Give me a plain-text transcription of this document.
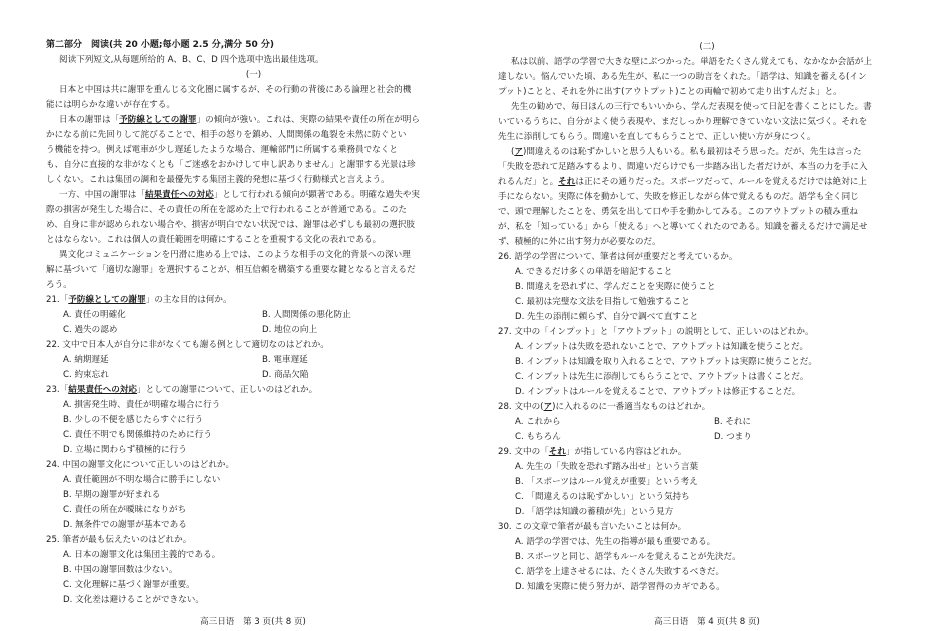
第二部分　阅读(共 20 小题;每小题 2.5 分,满分 50 分)
阅读下列短文,从每题所给的 A、B、C、D 四个选项中选出最佳选项。
(一)
日本と中国は共に謝罪を重んじる文化圏に属するが、その行動の背後にある論理と社会的機
能には明らかな違いが存在する。
日本の謝罪は「予防線としての謝罪」の傾向が強い。これは、実際の結果や責任の所在が明ら
かになる前に先回りして詫びることで、相手の怒りを鎮め、人間関係の亀裂を未然に防ぐとい
う機能を持つ。例えば電車が少し遅延したような場合、運輸部門に所属する乗務員でなくと
も、自分に直接的な非がなくとも「ご迷惑をおかけして申し訳ありません」と謝罪する光景は珍
しくない。これは集団の調和を最優先する集団主義的発想に基づく行動様式と言えよう。
一方、中国の謝罪は「結果責任への対応」として行われる傾向が顕著である。明確な過失や実
際の損害が発生した場合に、その責任の所在を認めた上で行われることが普通である。このた
め、自身に非が認められない場合や、損害が明白でない状況では、謝罪は必ずしも最初の選択肢
とはならない。これは個人の責任範囲を明確にすることを重視する文化の表れである。
異文化コミュニケーションを円滑に進める上では、このような相手の文化的背景への深い理
解に基づいて「適切な謝罪」を選択することが、相互信頼を構築する重要な鍵となると言えるだ
ろう。
21.「予防線としての謝罪」の主な目的は何か。
A. 責任の明確化	B. 人間関係の悪化防止
C. 過失の認め	D. 地位の向上
22. 文中で日本人が自分に非がなくても謝る例として適切なのはどれか。
A. 納期遅延	B. 電車遅延
C. 約束忘れ	D. 商品欠陥
23.「結果責任への対応」としての謝罪について、正しいのはどれか。
A. 損害発生時、責任が明確な場合に行う
B. 少しの不便を感じたらすぐに行う
C. 責任不明でも関係維持のために行う
D. 立場に関わらず積極的に行う
24. 中国の謝罪文化について正しいのはどれか。
A. 責任範囲が不明な場合に勝手にしない
B. 早期の謝罪が好まれる
C. 責任の所在が曖昧になりがち
D. 無条件での謝罪が基本である
25. 筆者が最も伝えたいのはどれか。
A. 日本の謝罪文化は集団主義的である。
B. 中国の謝罪回数は少ない。
C. 文化理解に基づく謝罪が重要。
D. 文化差は避けることができない。
高三日语　第 3 页(共 8 页)
(二)
私は以前、語学の学習で大きな壁にぶつかった。単語をたくさん覚えても、なかなか会話が上
達しない。悩んでいた頃、ある先生が、私に一つの助言をくれた。「語学は、知識を蓄える(イン
プット)ことと、それを外に出す(アウトプット)ことの両輪で初めて走り出すんだよ」と。
先生の勧めで、毎日ほんの三行でもいいから、学んだ表現を使って日記を書くことにした。書
いているうちに、自分がよく使う表現や、まだしっかり理解できていない文法に気づく。それを
先生に添削してもらう。間違いを直してもらうことで、正しい使い方が身につく。
(ア)間違えるのは恥ずかしいと思う人もいる。私も最初はそう思った。だが、先生は言った
「失敗を恐れて足踏みするより、間違いだらけでも一歩踏み出した者だけが、本当の力を手に入
れるんだ」と。それは正にその通りだった。スポーツだって、ルールを覚えるだけでは絶対に上
手にならない。実際に体を動かして、失敗を修正しながら体で覚えるものだ。語学も全く同じ
で、頭で理解したことを、勇気を出して口や手を動かしてみる。このアウトプットの積み重ね
が、私を「知っている」から「使える」へと導いてくれたのである。知識を蓄えるだけで満足せ
ず、積極的に外に出す努力が必要なのだ。
26. 語学の学習について、筆者は何が重要だと考えているか。
A. できるだけ多くの単語を暗記すること
B. 間違えを恐れずに、学んだことを実際に使うこと
C. 最初は完璧な文法を目指して勉強すること
D. 先生の添削に頼らず、自分で調べて直すこと
27. 文中の「インプット」と「アウトプット」の説明として、正しいのはどれか。
A. インプットは失敗を恐れないことで、アウトプットは知識を使うことだ。
B. インプットは知識を取り入れることで、アウトプットは実際に使うことだ。
C. インプットは先生に添削してもらうことで、アウトプットは書くことだ。
D. インプットはルールを覚えることで、アウトプットは修正することだ。
28. 文中の(ア)に入れるのに一番適当なものはどれか。
A. これから	B. それに
C. もちろん	D. つまり
29. 文中の「それ」が指している内容はどれか。
A. 先生の「失敗を恐れず踏み出せ」という言葉
B. 「スポーツはルール覚えが重要」という考え
C. 「間違えるのは恥ずかしい」という気持ち
D. 「語学は知識の蓄積が先」という見方
30. この文章で筆者が最も言いたいことは何か。
A. 語学の学習では、先生の指導が最も重要である。
B. スポーツと同じ、語学もルールを覚えることが先決だ。
C. 語学を上達させるには、たくさん失敗するべきだ。
D. 知識を実際に使う努力が、語学習得のカギである。
高三日语　第 4 页(共 8 页)
